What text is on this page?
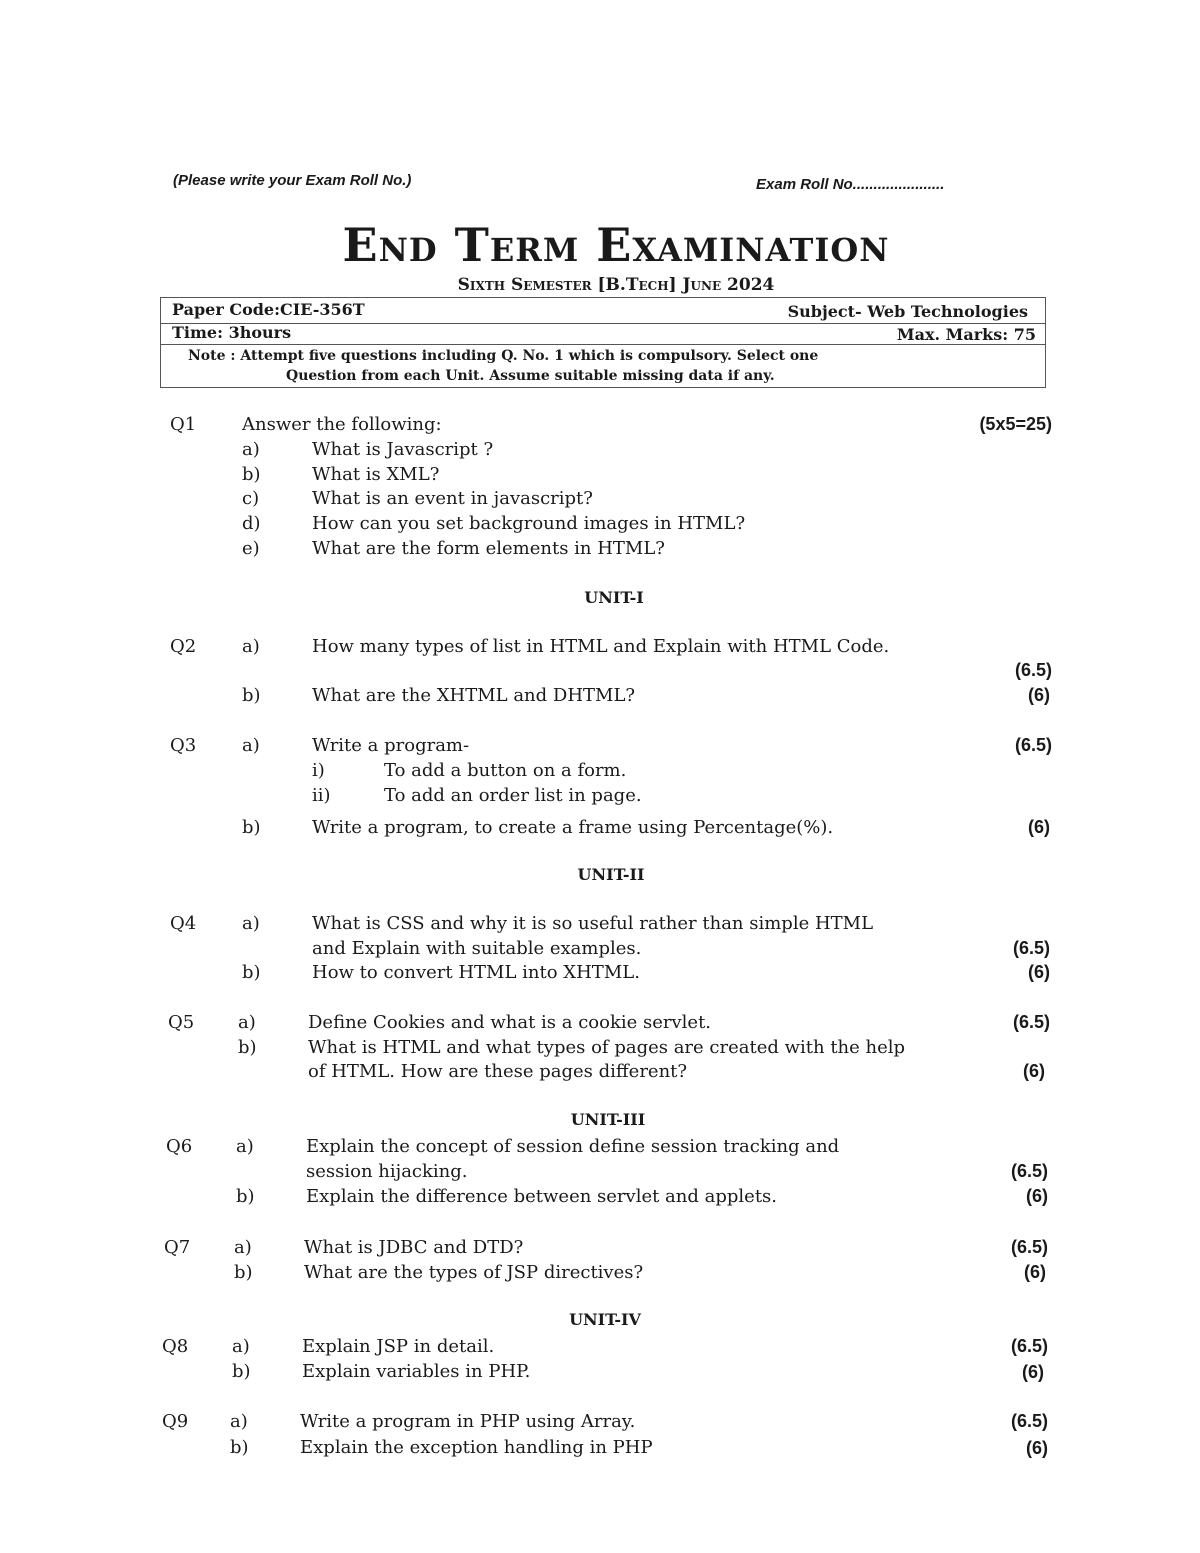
(Please write your Exam Roll No.)	Exam Roll No......................
End Term Examination
Sixth Semester [B.Tech] June 2024
Paper Code:CIE-356T	Subject- Web Technologies
Time: 3hours	Max. Marks: 75
Note : Attempt five questions including Q. No. 1 which is compulsory. Select one
Question from each Unit. Assume suitable missing data if any.
Q1	Answer the following:	(5x5=25)
a)	What is Javascript ?
b)	What is XML?
c)	What is an event in javascript?
d)	How can you set background images in HTML?
e)	What are the form elements in HTML?
UNIT-I
Q2	a)	How many types of list in HTML and Explain with HTML Code.
(6.5)
b)	What are the XHTML and DHTML?	(6)
Q3	a)	Write a program-	(6.5)
i)	To add a button on a form.
ii)	To add an order list in page.
b)	Write a program, to create a frame using Percentage(%).	(6)
UNIT-II
Q4	a)	What is CSS and why it is so useful rather than simple HTML
and Explain with suitable examples.	(6.5)
b)	How to convert HTML into XHTML.	(6)
Q5 a)	Define Cookies and what is a cookie servlet.	(6.5)
b)	What is HTML and what types of pages are created with the help
of HTML. How are these pages different?	(6)
UNIT-III
Q6 a)	Explain the concept of session define session tracking and
session hijacking.	(6.5)
b)	Explain the difference between servlet and applets.	(6)
Q7 a)	What is JDBC and DTD?	(6.5)
b)	What are the types of JSP directives?	(6)
UNIT-IV
Q8 a)	Explain JSP in detail.	(6.5)
b)	Explain variables in PHP.	(6)
Q9 a)	Write a program in PHP using Array.	(6.5)
b)	Explain the exception handling in PHP	(6)
